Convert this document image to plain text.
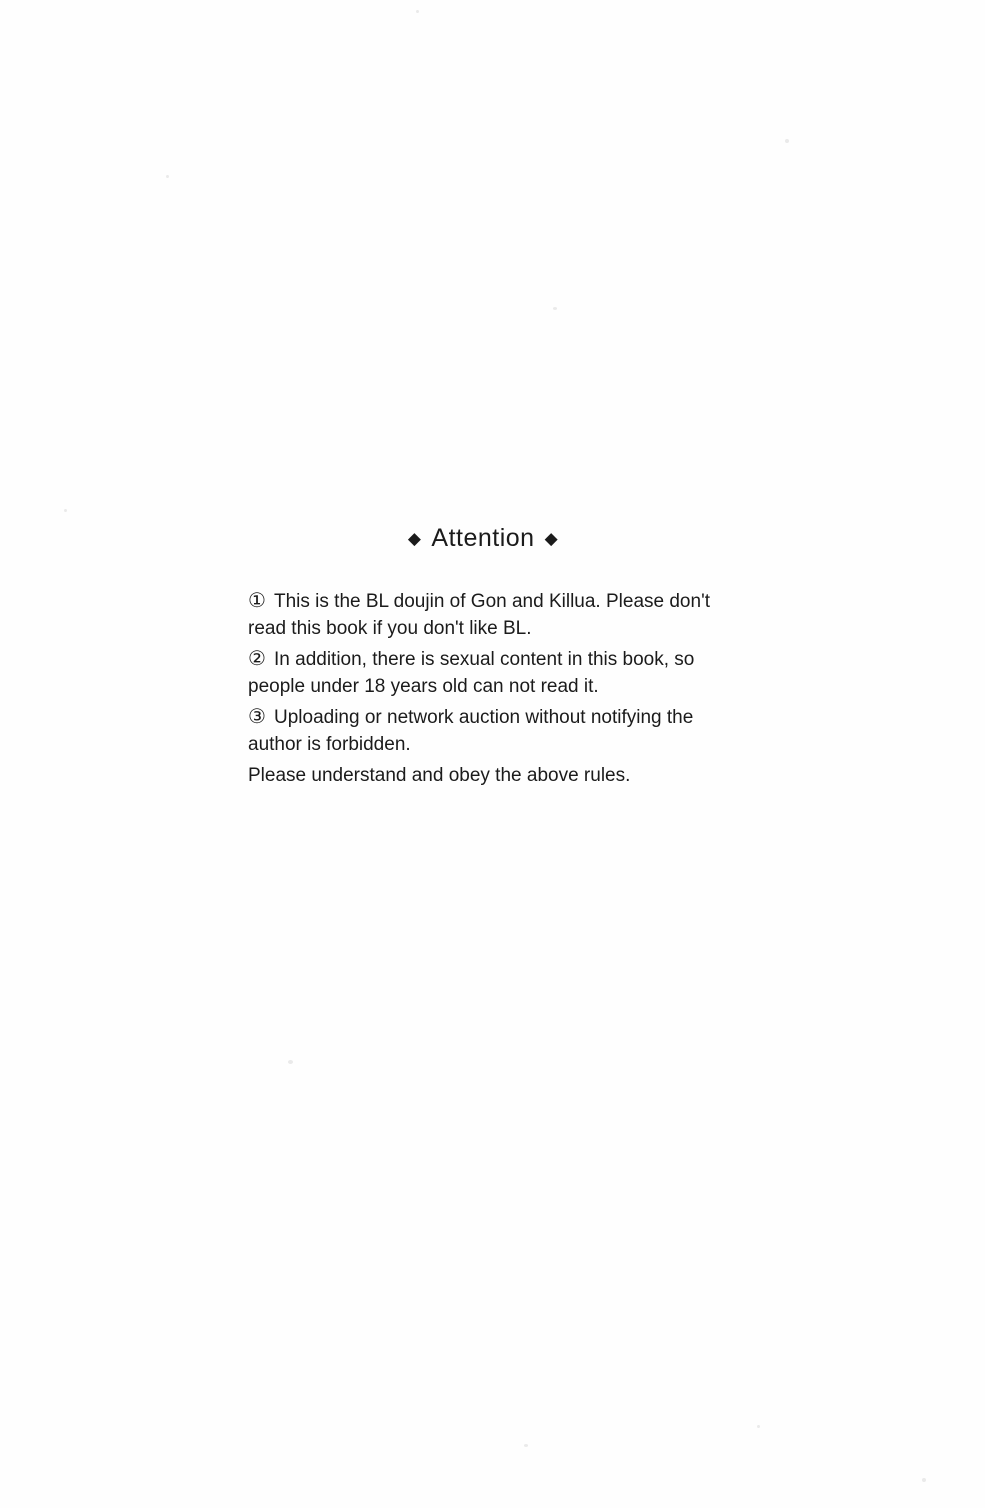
◆ Attention ◆

① This is the BL doujin of Gon and Killua. Please don't read this book if you don't like BL.

② In addition, there is sexual content in this book, so people under 18 years old can not read it.

③ Uploading or network auction without notifying the author is forbidden.

Please understand and obey the above rules.
